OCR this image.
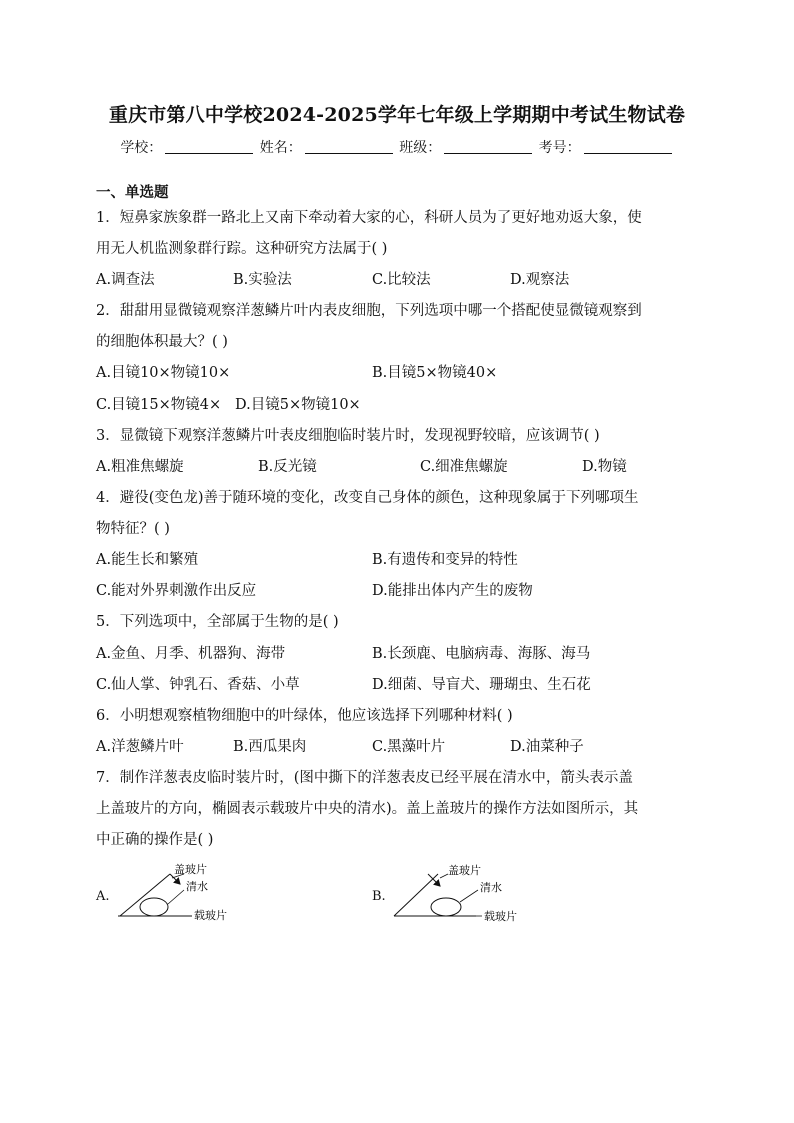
重庆市第八中学校2024-2025学年七年级上学期期中考试生物试卷
学校：	姓名：	班级：	考号：
一、单选题
1．短鼻家族象群一路北上又南下牵动着大家的心，科研人员为了更好地劝返大象，使
用无人机监测象群行踪。这种研究方法属于( )
A.调查法	B.实验法	C.比较法	D.观察法
2．甜甜用显微镜观察洋葱鳞片叶内表皮细胞，下列选项中哪一个搭配使显微镜观察到
的细胞体积最大？( )
A.目镜10×物镜10×	B.目镜5×物镜40×
C.目镜15×物镜4× D.目镜5×物镜10×
3．显微镜下观察洋葱鳞片叶表皮细胞临时装片时，发现视野较暗，应该调节( )
A.粗准焦螺旋	B.反光镜	C.细准焦螺旋	D.物镜
4．避役(变色龙)善于随环境的变化，改变自己身体的颜色，这种现象属于下列哪项生
物特征？( )
A.能生长和繁殖	B.有遗传和变异的特性
C.能对外界刺激作出反应	D.能排出体内产生的废物
5．下列选项中，全部属于生物的是( )
A.金鱼、月季、机器狗、海带	B.长颈鹿、电脑病毒、海豚、海马
C.仙人掌、钟乳石、香菇、小草	D.细菌、导盲犬、珊瑚虫、生石花
6．小明想观察植物细胞中的叶绿体，他应该选择下列哪种材料( )
A.洋葱鳞片叶	B.西瓜果肉	C.黑藻叶片	D.油菜种子
7．制作洋葱表皮临时装片时，(图中撕下的洋葱表皮已经平展在清水中，箭头表示盖
上盖玻片的方向，椭圆表示载玻片中央的清水)。盖上盖玻片的操作方法如图所示，其
中正确的操作是( )
A.
盖玻片
清水
载玻片
B.
盖玻片
清水
载玻片
